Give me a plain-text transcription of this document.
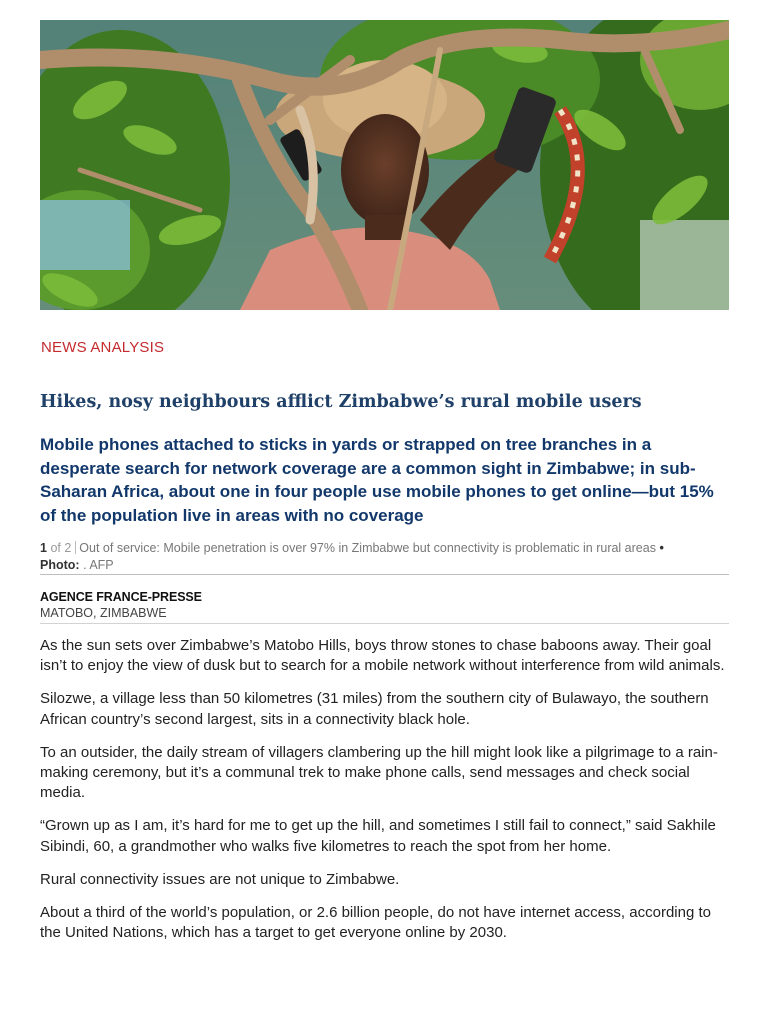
NEWS ANALYSIS
Hikes, nosy neighbours afflict Zimbabwe’s rural mobile users

Mobile phones attached to sticks in yards or strapped on tree branches in a desperate search for network coverage are a common sight in Zimbabwe; in sub-Saharan Africa, about one in four people use mobile phones to get online—but 15% of the population live in areas with no coverage

1 of 2 Out of service: Mobile penetration is over 97% in Zimbabwe but connectivity is problematic in rural areas •
Photo: . AFP
AGENCE FRANCE-PRESSE
MATOBO, ZIMBABWE

As the sun sets over Zimbabwe’s Matobo Hills, boys throw stones to chase baboons away. Their goal isn’t to enjoy the view of dusk but to search for a mobile network without interference from wild animals.

Silozwe, a village less than 50 kilometres (31 miles) from the southern city of Bulawayo, the southern African country’s second largest, sits in a connectivity black hole.

To an outsider, the daily stream of villagers clambering up the hill might look like a pilgrimage to a rain-making ceremony, but it’s a communal trek to make phone calls, send messages and check social media.

“Grown up as I am, it’s hard for me to get up the hill, and sometimes I still fail to connect,” said Sakhile Sibindi, 60, a grandmother who walks five kilometres to reach the spot from her home.

Rural connectivity issues are not unique to Zimbabwe.

About a third of the world’s population, or 2.6 billion people, do not have internet access, according to the United Nations, which has a target to get everyone online by 2030.
